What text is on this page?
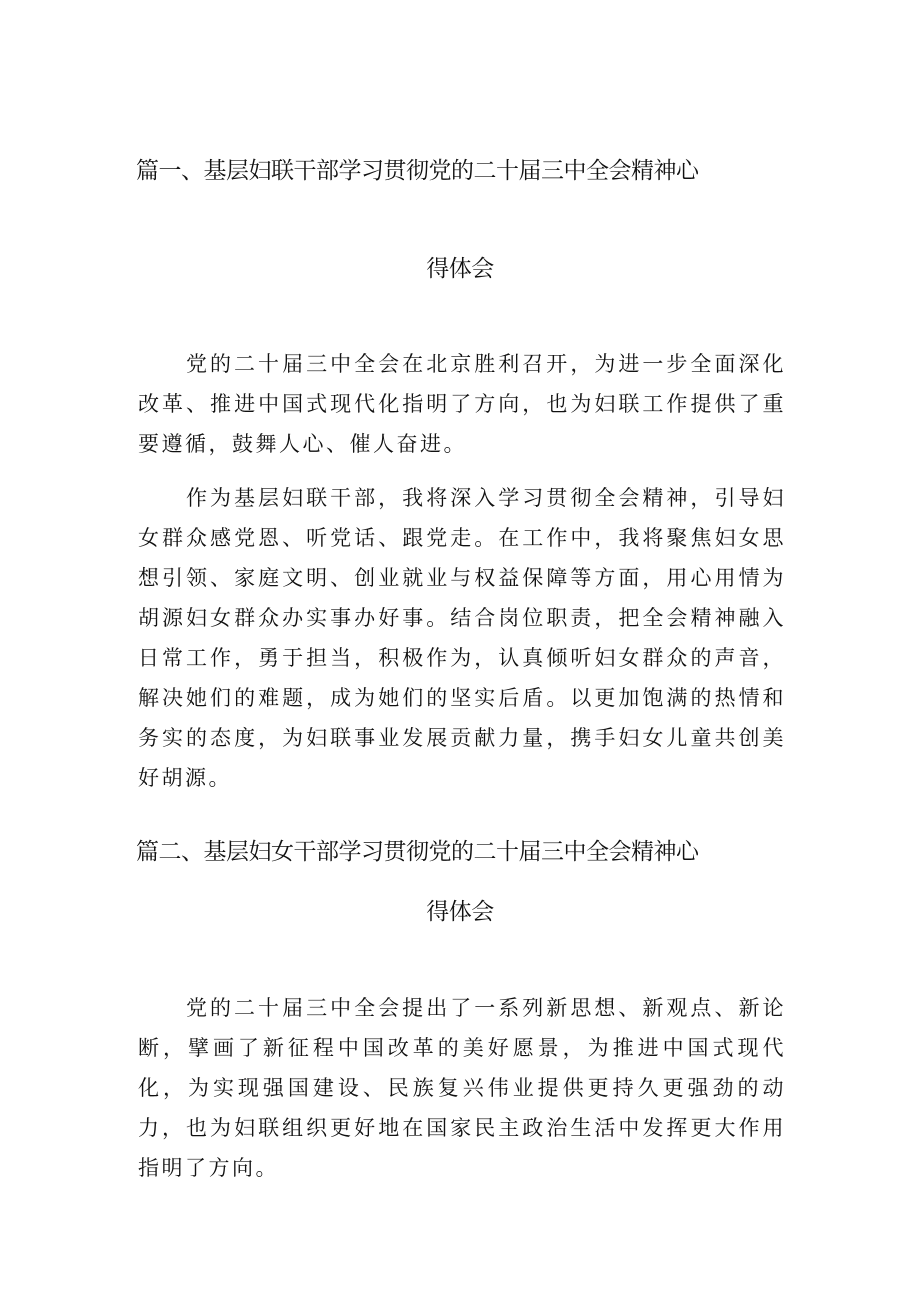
篇一、基层妇联干部学习贯彻党的二十届三中全会精神心
得体会

党的二十届三中全会在北京胜利召开，为进一步全面深化改革、推进中国式现代化指明了方向，也为妇联工作提供了重要遵循，鼓舞人心、催人奋进。

作为基层妇联干部，我将深入学习贯彻全会精神，引导妇女群众感党恩、听党话、跟党走。在工作中，我将聚焦妇女思想引领、家庭文明、创业就业与权益保障等方面，用心用情为胡源妇女群众办实事办好事。结合岗位职责，把全会精神融入日常工作，勇于担当，积极作为，认真倾听妇女群众的声音，解决她们的难题，成为她们的坚实后盾。以更加饱满的热情和务实的态度，为妇联事业发展贡献力量，携手妇女儿童共创美好胡源。

篇二、基层妇女干部学习贯彻党的二十届三中全会精神心
得体会

党的二十届三中全会提出了一系列新思想、新观点、新论断，擘画了新征程中国改革的美好愿景，为推进中国式现代化，为实现强国建设、民族复兴伟业提供更持久更强劲的动力，也为妇联组织更好地在国家民主政治生活中发挥更大作用指明了方向。
